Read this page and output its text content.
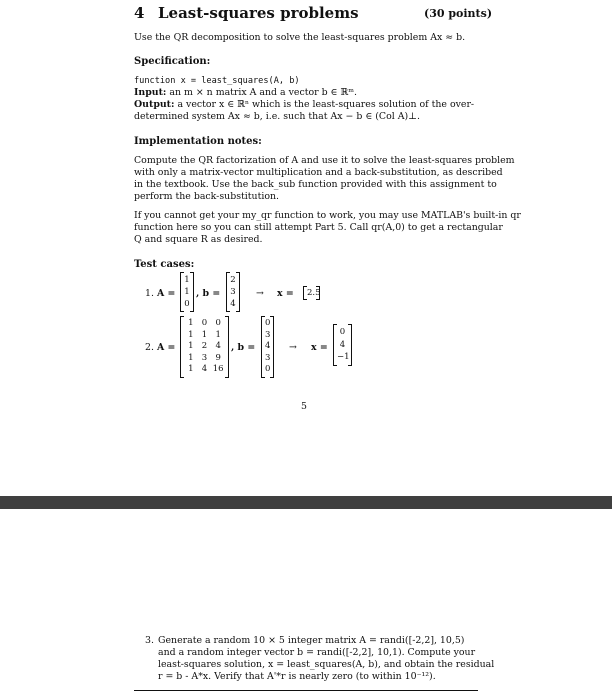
4 Least-squares problems	(30 points)
Use the QR decomposition to solve the least-squares problem Ax ≈ b.
Specification:
function x = least_squares(A, b)
Input: an m × n matrix A and a vector b ∈ ℝᵐ.
Output: a vector x ∈ ℝⁿ which is the least-squares solution of the over-
determined system Ax ≈ b, i.e. such that Ax − b ∈ (Col A)⊥.
Implementation notes:
Compute the QR factorization of A and use it to solve the least-squares problem
with only a matrix-vector multiplication and a back-substitution, as described
in the textbook. Use the back_sub function provided with this assignment to
perform the back-substitution.
If you cannot get your my_qr function to work, you may use MATLAB's built-in qr
function here so you can still attempt Part 5. Call qr(A,0) to get a rectangular
Q and square R as desired.
Test cases:
1. A =
1
1
0
, b =
2
3
4
→ x = 2.5
2. A =
1 0 0
1 1 1
1 2 4
1 3 9
1 4 16
, b =
0
3
4
3
0
→ x =
0
4
−1
5
3. Generate a random 10 × 5 integer matrix A = randi([-2,2], 10,5)
and a random integer vector b = randi([-2,2], 10,1). Compute your
least-squares solution, x = least_squares(A, b), and obtain the residual
r = b - A*x. Verify that A'*r is nearly zero (to within 10⁻¹²).
